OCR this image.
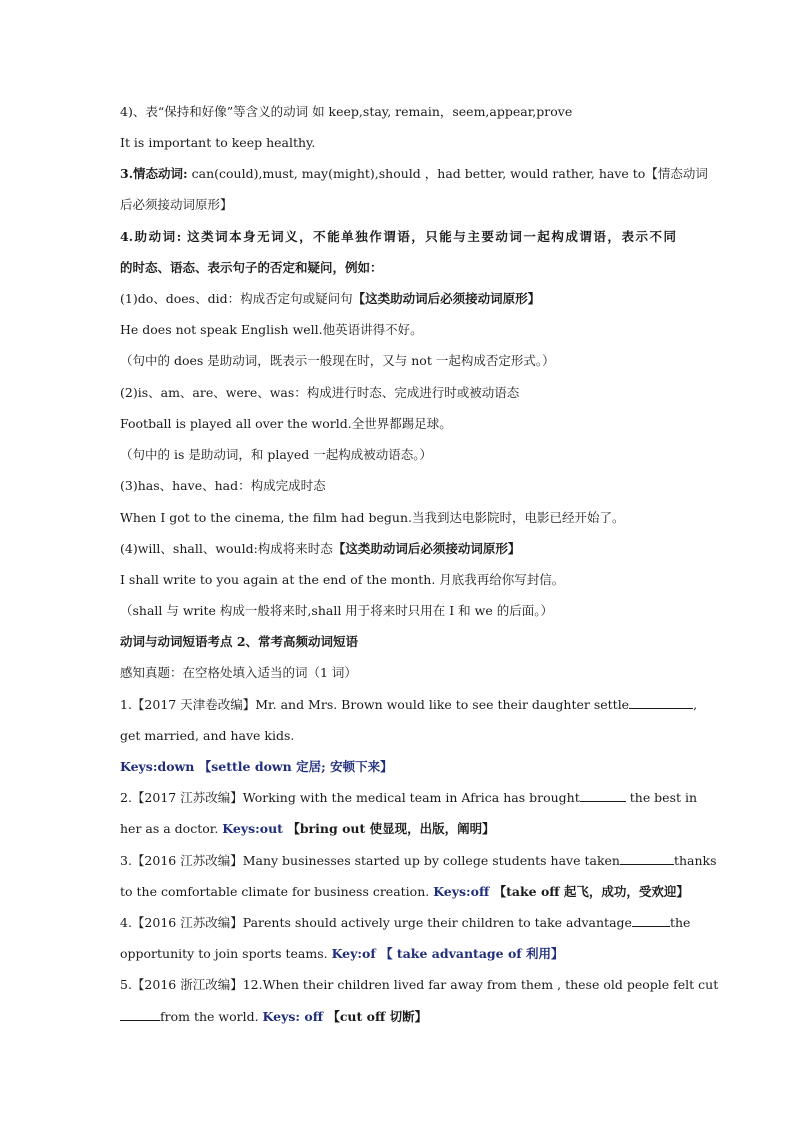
4)、表“保持和好像”等含义的动词 如 keep,stay, remain，seem,appear,prove
It is important to keep healthy.
3.情态动词: can(could),must, may(might),should ，had better, would rather, have to【情态动词
后必须接动词原形】
4.助动词: 这类词本身无词义，不能单独作谓语，只能与主要动词一起构成谓语，表示不同
的时态、语态、表示句子的否定和疑问，例如：
(1)do、does、did：构成否定句或疑问句【这类助动词后必须接动词原形】
He does not speak English well.他英语讲得不好。
（句中的 does 是助动词，既表示一般现在时，又与 not 一起构成否定形式。）
(2)is、am、are、were、was：构成进行时态、完成进行时或被动语态
Football is played all over the world.全世界都踢足球。
（句中的 is 是助动词，和 played 一起构成被动语态。）
(3)has、have、had：构成完成时态
When I got to the cinema, the film had begun.当我到达电影院时，电影已经开始了。
(4)will、shall、would:构成将来时态【这类助动词后必须接动词原形】
I shall write to you again at the end of the month. 月底我再给你写封信。
（shall 与 write 构成一般将来时,shall 用于将来时只用在 I 和 we 的后面。）
动词与动词短语考点 2、常考高频动词短语
感知真题：在空格处填入适当的词（1 词）
1.【2017 天津卷改编】Mr. and Mrs. Brown would like to see their daughter settle	,
get married, and have kids.
Keys:down 【settle down 定居; 安顿下来】
2.【2017 江苏改编】Working with the medical team in Africa has brought	the best in
her as a doctor. Keys:out 【bring out 使显现，出版，阐明】
3.【2016 江苏改编】Many businesses started up by college students have taken	thanks
to the comfortable climate for business creation. Keys:off 【take off 起飞，成功，受欢迎】
4.【2016 江苏改编】Parents should actively urge their children to take advantage	the
opportunity to join sports teams. Key:of 【 take advantage of 利用】
5.【2016 浙江改编】12.When their children lived far away from them , these old people felt cut
from the world. Keys: off 【cut off 切断】
